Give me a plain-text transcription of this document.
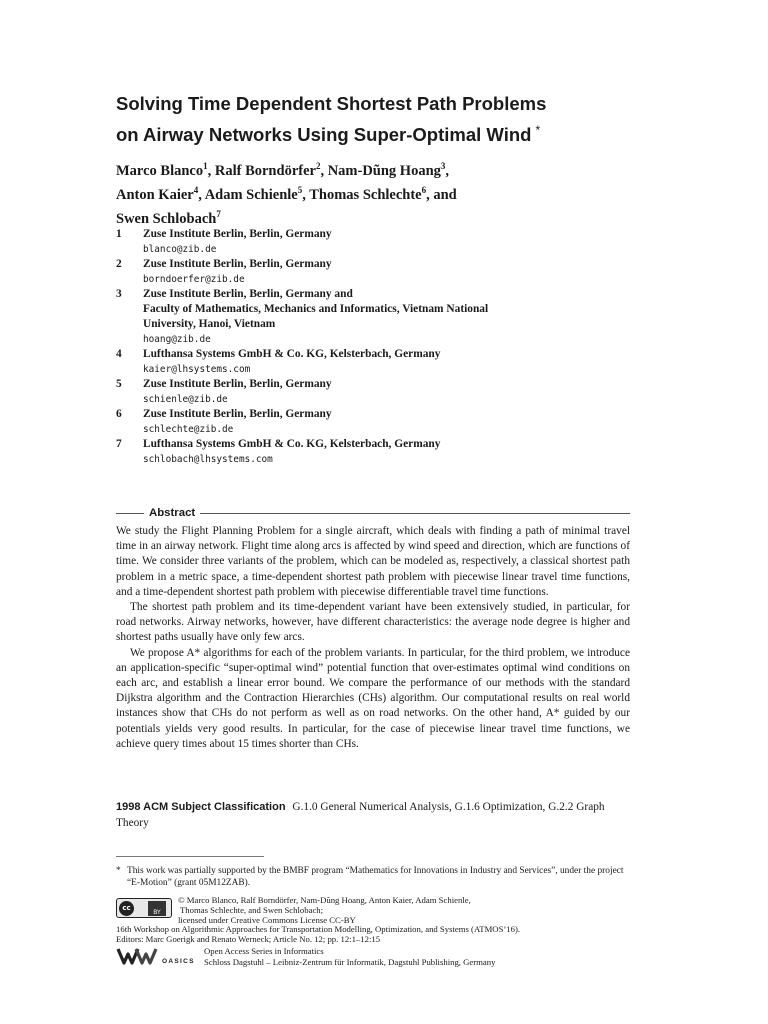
Solving Time Dependent Shortest Path Problems
on Airway Networks Using Super-Optimal Wind *
Marco Blanco$^1$, Ralf Borndörfer$^2$, Nam-Dũng Hoang$^3$,
Anton Kaier$^4$, Adam Schienle$^5$, Thomas Schlechte$^6$, and
Swen Schlobach$^7$
1 Zuse Institute Berlin, Berlin, Germany
blanco@zib.de
2 Zuse Institute Berlin, Berlin, Germany
borndoerfer@zib.de
3 Zuse Institute Berlin, Berlin, Germany and
Faculty of Mathematics, Mechanics and Informatics, Vietnam National
University, Hanoi, Vietnam
hoang@zib.de
4 Lufthansa Systems GmbH & Co. KG, Kelsterbach, Germany
kaier@lhsystems.com
5 Zuse Institute Berlin, Berlin, Germany
schienle@zib.de
6 Zuse Institute Berlin, Berlin, Germany
schlechte@zib.de
7 Lufthansa Systems GmbH & Co. KG, Kelsterbach, Germany
schlobach@lhsystems.com
Abstract

We study the Flight Planning Problem for a single aircraft, which deals with finding a path of minimal travel time in an airway network. Flight time along arcs is affected by wind speed and direction, which are functions of time. We consider three variants of the problem, which can be modeled as, respectively, a classical shortest path problem in a metric space, a time-dependent shortest path problem with piecewise linear travel time functions, and a time-dependent shortest path problem with piecewise differentiable travel time functions.

The shortest path problem and its time-dependent variant have been extensively studied, in particular, for road networks. Airway networks, however, have different characteristics: the average node degree is higher and shortest paths usually have only few arcs.

We propose A* algorithms for each of the problem variants. In particular, for the third problem, we introduce an application-specific “super-optimal wind” potential function that over-estimates optimal wind conditions on each arc, and establish a linear error bound. We compare the performance of our methods with the standard Dijkstra algorithm and the Contraction Hierarchies (CHs) algorithm. Our computational results on real world instances show that CHs do not perform as well as on road networks. On the other hand, A* guided by our potentials yields very good results. In particular, for the case of piecewise linear travel time functions, we achieve query times about 15 times shorter than CHs.

1998 ACM Subject Classification G.1.0 General Numerical Analysis, G.1.6 Optimization, G.2.2 Graph Theory
* This work was partially supported by the BMBF program “Mathematics for Innovations in Industry and Services”, under the project “E-Motion” (grant 05M12ZAB).
cc	BY
© Marco Blanco, Ralf Borndörfer, Nam-Dũng Hoang, Anton Kaier, Adam Schienle,
Thomas Schlechte, and Swen Schlobach;
licensed under Creative Commons License CC-BY
16th Workshop on Algorithmic Approaches for Transportation Modelling, Optimization, and Systems (ATMOS’16).
Editors: Marc Goerigk and Renato Werneck; Article No. 12; pp. 12:1–12:15
OASICS
Open Access Series in Informatics
Schloss Dagstuhl – Leibniz-Zentrum für Informatik, Dagstuhl Publishing, Germany
